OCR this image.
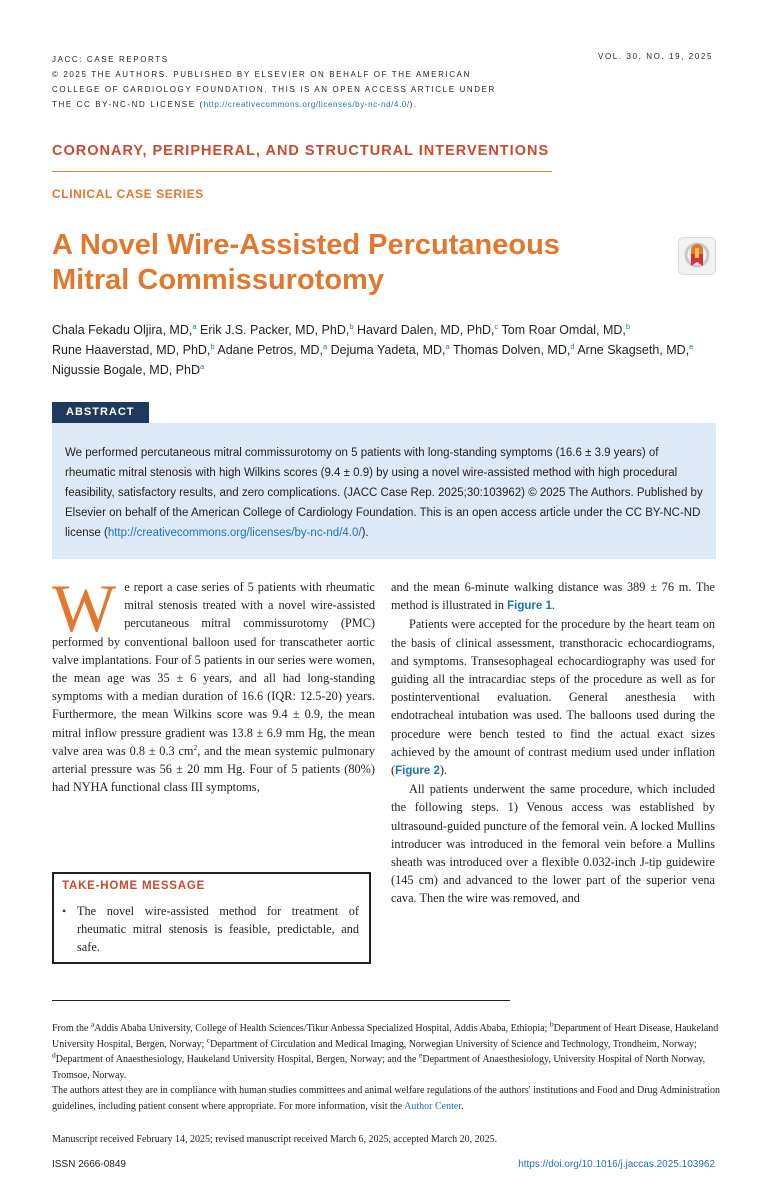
JACC: CASE REPORTS
© 2025 THE AUTHORS. PUBLISHED BY ELSEVIER ON BEHALF OF THE AMERICAN
COLLEGE OF CARDIOLOGY FOUNDATION. THIS IS AN OPEN ACCESS ARTICLE UNDER
THE CC BY-NC-ND LICENSE (http://creativecommons.org/licenses/by-nc-nd/4.0/).
VOL. 30, NO. 19, 2025
CORONARY, PERIPHERAL, AND STRUCTURAL INTERVENTIONS
CLINICAL CASE SERIES
A Novel Wire-Assisted Percutaneous
Mitral Commissurotomy
Chala Fekadu Oljira, MD,$^a$ Erik J.S. Packer, MD, PhD,$^b$ Havard Dalen, MD, PhD,$^c$ Tom Roar Omdal, MD,$^b$
Rune Haaverstad, MD, PhD,$^b$ Adane Petros, MD,$^a$ Dejuma Yadeta, MD,$^a$ Thomas Dolven, MD,$^d$ Arne Skagseth, MD,$^e$
Nigussie Bogale, MD, PhD$^a$
ABSTRACT
We performed percutaneous mitral commissurotomy on 5 patients with long-standing symptoms (16.6 ± 3.9 years) of rheumatic mitral stenosis with high Wilkins scores (9.4 ± 0.9) by using a novel wire-assisted method with high procedural feasibility, satisfactory results, and zero complications. (JACC Case Rep. 2025;30:103962) © 2025 The Authors. Published by Elsevier on behalf of the American College of Cardiology Foundation. This is an open access article under the CC BY-NC-ND license (http://creativecommons.org/licenses/by-nc-nd/4.0/).

We report a case series of 5 patients with rheumatic mitral stenosis treated with a novel wire-assisted percutaneous mitral commissurotomy (PMC) performed by conventional balloon used for transcatheter aortic valve implantations. Four of 5 patients in our series were women, the mean age was 35 ± 6 years, and all had long-standing symptoms with a median duration of 16.6 (IQR: 12.5-20) years. Furthermore, the mean Wilkins score was 9.4 ± 0.9, the mean mitral inflow pressure gradient was 13.8 ± 6.9 mm Hg, the mean valve area was 0.8 ± 0.3 $cm^2$, and the mean systemic pulmonary arterial pressure was 56 ± 20 mm Hg. Four of 5 patients (80%) had NYHA functional class III symptoms,

TAKE-HOME MESSAGE
• The novel wire-assisted method for treatment of rheumatic mitral stenosis is feasible, predictable, and safe.

and the mean 6-minute walking distance was 389 ± 76 m. The method is illustrated in Figure 1.

Patients were accepted for the procedure by the heart team on the basis of clinical assessment, transthoracic echocardiograms, and symptoms. Transesophageal echocardiography was used for guiding all the intracardiac steps of the procedure as well as for postinterventional evaluation. General anesthesia with endotracheal intubation was used. The balloons used during the procedure were bench tested to find the actual exact sizes achieved by the amount of contrast medium used under inflation (Figure 2).

All patients underwent the same procedure, which included the following steps. 1) Venous access was established by ultrasound-guided puncture of the femoral vein. A locked Mullins introducer was introduced in the femoral vein before a Mullins sheath was introduced over a flexible 0.032-inch J-tip guidewire (145 cm) and advanced to the lower part of the superior vena cava. Then the wire was removed, and

From the $^a$Addis Ababa University, College of Health Sciences/Tikur Anbessa Specialized Hospital, Addis Ababa, Ethiopia; $^b$Department of Heart Disease, Haukeland University Hospital, Bergen, Norway; $^c$Department of Circulation and Medical Imaging, Norwegian University of Science and Technology, Trondheim, Norway; $^d$Department of Anaesthesiology, Haukeland University Hospital, Bergen, Norway; and the $^e$Department of Anaesthesiology, University Hospital of North Norway, Tromsoe, Norway.
The authors attest they are in compliance with human studies committees and animal welfare regulations of the authors' institutions and Food and Drug Administration guidelines, including patient consent where appropriate. For more information, visit the Author Center.
Manuscript received February 14, 2025; revised manuscript received March 6, 2025, accepted March 20, 2025.
ISSN 2666-0849	https://doi.org/10.1016/j.jaccas.2025.103962
